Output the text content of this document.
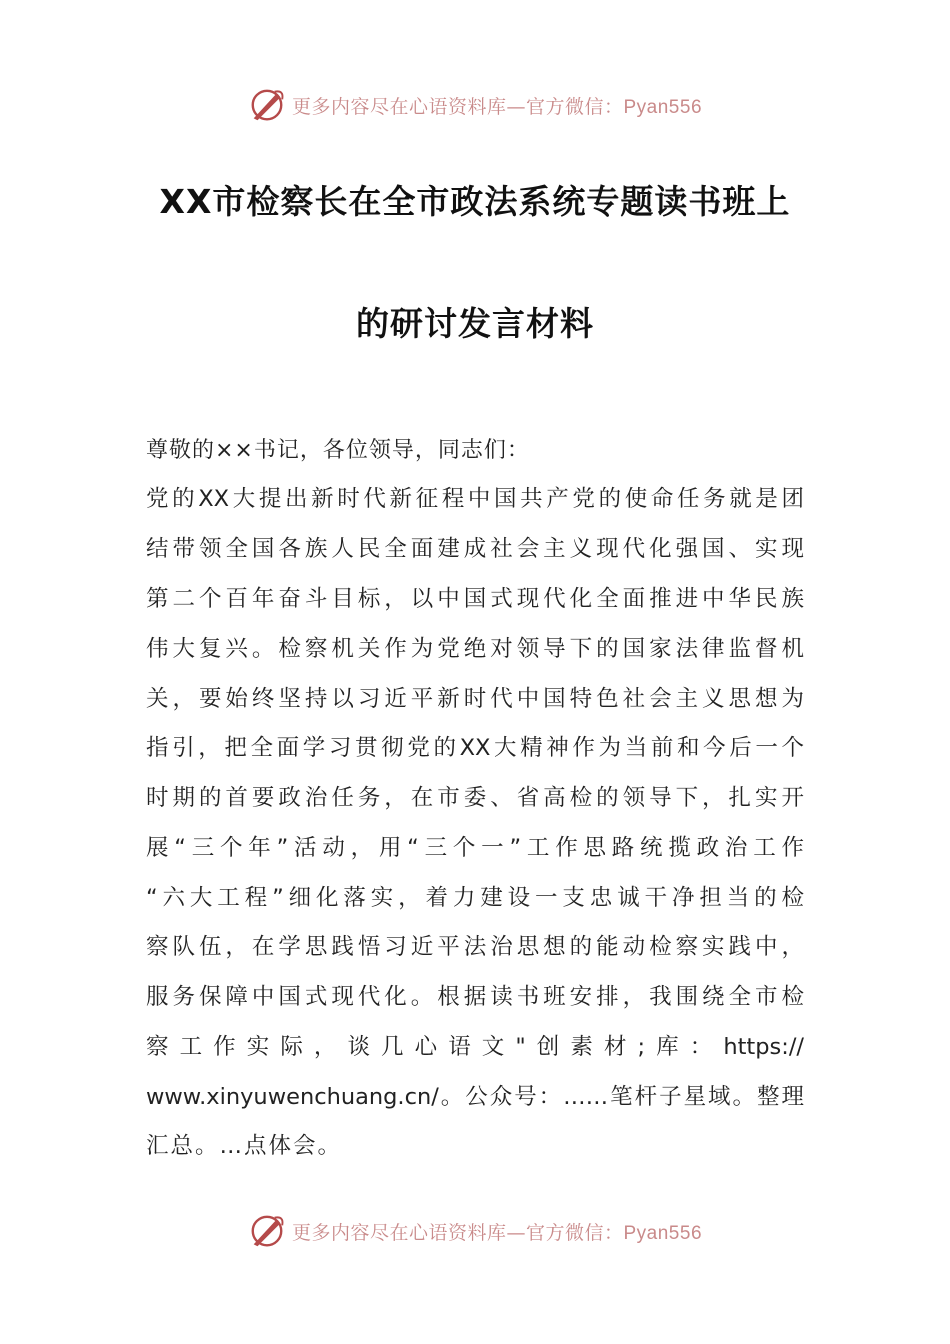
更多内容尽在心语资料库—官方微信：Pyan556
XX市检察长在全市政法系统专题读书班上
的研讨发言材料
尊敬的××书记，各位领导，同志们：
党的XX大提出新时代新征程中国共产党的使命任务就是团
结带领全国各族人民全面建成社会主义现代化强国、实现
第二个百年奋斗目标，以中国式现代化全面推进中华民族
伟大复兴。检察机关作为党绝对领导下的国家法律监督机
关，要始终坚持以习近平新时代中国特色社会主义思想为
指引，把全面学习贯彻党的XX大精神作为当前和今后一个
时期的首要政治任务，在市委、省高检的领导下，扎实开
展“三个年”活动，用“三个一”工作思路统揽政治工作
“六大工程”细化落实，着力建设一支忠诚干净担当的检
察队伍，在学思践悟习近平法治思想的能动检察实践中，
服务保障中国式现代化。根据读书班安排，我围绕全市检
察工作实际，谈几心语文"创素材;库：https://
www.xinyuwenchuang.cn/。公众号：……笔杆子星域。整理
汇总。…点体会。
更多内容尽在心语资料库—官方微信：Pyan556
